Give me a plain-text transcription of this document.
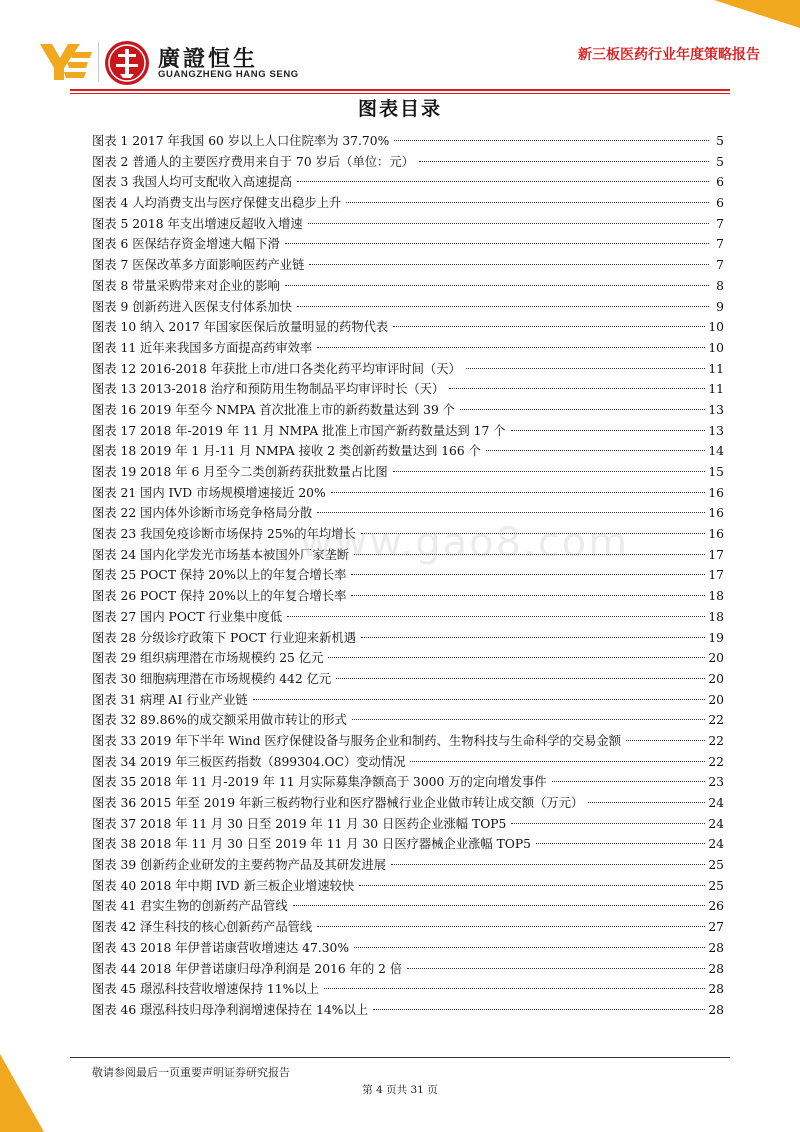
廣證恒生
GUANGZHENG HANG SENG
新三板医药行业年度策略报告
图表目录
图表 1 2017 年我国 60 岁以上人口住院率为 37.70%	5
图表 2 普通人的主要医疗费用来自于 70 岁后（单位：元）	5
图表 3 我国人均可支配收入高速提高	6
图表 4 人均消费支出与医疗保健支出稳步上升	6
图表 5 2018 年支出增速反超收入增速	7
图表 6 医保结存资金增速大幅下滑	7
图表 7 医保改革多方面影响医药产业链	7
图表 8 带量采购带来对企业的影响	8
图表 9 创新药进入医保支付体系加快	9
图表 10 纳入 2017 年国家医保后放量明显的药物代表	10
图表 11 近年来我国多方面提高药审效率	10
图表 12 2016-2018 年获批上市/进口各类化药平均审评时间（天）	11
图表 13 2013-2018 治疗和预防用生物制品平均审评时长（天）	11
图表 16 2019 年至今 NMPA 首次批准上市的新药数量达到 39 个	13
图表 17 2018 年-2019 年 11 月 NMPA 批准上市国产新药数量达到 17 个	13
图表 18 2019 年 1 月-11 月 NMPA 接收 2 类创新药数量达到 166 个	14
图表 19 2018 年 6 月至今二类创新药获批数量占比图	15
图表 21 国内 IVD 市场规模增速接近 20%	16
图表 22 国内体外诊断市场竞争格局分散	16
图表 23 我国免疫诊断市场保持 25%的年均增长	16
图表 24 国内化学发光市场基本被国外厂家垄断	17
图表 25 POCT 保持 20%以上的年复合增长率	17
图表 26 POCT 保持 20%以上的年复合增长率	18
图表 27 国内 POCT 行业集中度低	18
图表 28 分级诊疗政策下 POCT 行业迎来新机遇	19
图表 29 组织病理潜在市场规模约 25 亿元	20
图表 30 细胞病理潜在市场规模约 442 亿元	20
图表 31 病理 AI 行业产业链	20
图表 32 89.86%的成交额采用做市转让的形式	22
图表 33 2019 年下半年 Wind 医疗保健设备与服务企业和制药、生物科技与生命科学的交易金额	22
图表 34 2019 年三板医药指数（899304.OC）变动情况	22
图表 35 2018 年 11 月-2019 年 11 月实际募集净额高于 3000 万的定向增发事件	23
图表 36 2015 年至 2019 年新三板药物行业和医疗器械行业企业做市转让成交额（万元）	24
图表 37 2018 年 11 月 30 日至 2019 年 11 月 30 日医药企业涨幅 TOP5	24
图表 38 2018 年 11 月 30 日至 2019 年 11 月 30 日医疗器械企业涨幅 TOP5	24
图表 39 创新药企业研发的主要药物产品及其研发进展	25
图表 40 2018 年中期 IVD 新三板企业增速较快	25
图表 41 君实生物的创新药产品管线	26
图表 42 泽生科技的核心创新药产品管线	27
图表 43 2018 年伊普诺康营收增速达 47.30%	28
图表 44 2018 年伊普诺康归母净利润是 2016 年的 2 倍	28
图表 45 璟泓科技营收增速保持 11%以上	28
图表 46 璟泓科技归母净利润增速保持在 14%以上	28
www.gao8.com
敬请参阅最后一页重要声明证券研究报告
第 4 页共 31 页
